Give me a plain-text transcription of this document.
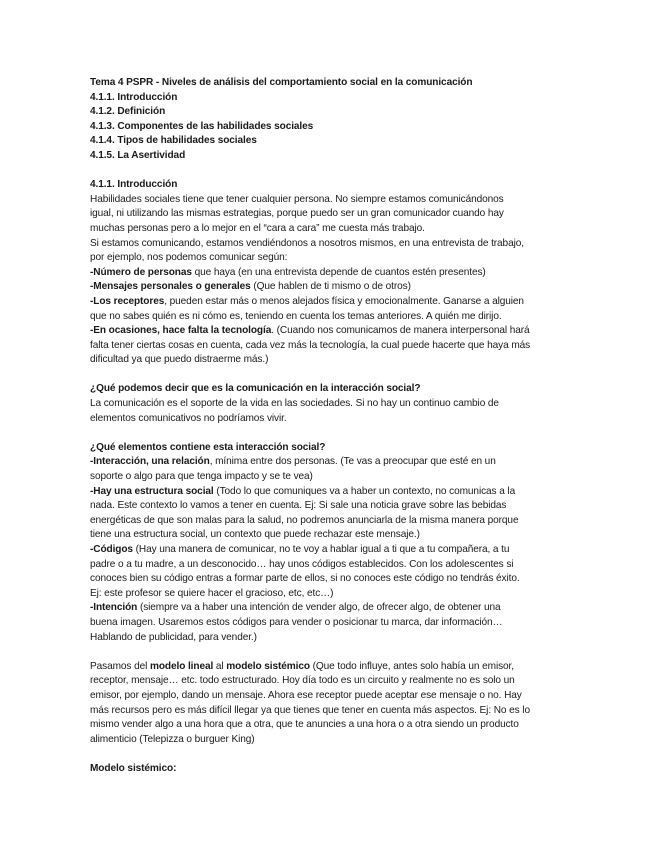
Tema 4 PSPR - Niveles de análisis del comportamiento social en la comunicación
4.1.1. Introducción
4.1.2. Definición
4.1.3. Componentes de las habilidades sociales
4.1.4. Tipos de habilidades sociales
4.1.5. La Asertividad
4.1.1. Introducción
Habilidades sociales tiene que tener cualquier persona. No siempre estamos comunicándonos
igual, ni utilizando las mismas estrategias, porque puedo ser un gran comunicador cuando hay
muchas personas pero a lo mejor en el “cara a cara” me cuesta más trabajo.
Si estamos comunicando, estamos vendiéndonos a nosotros mismos, en una entrevista de trabajo,
por ejemplo, nos podemos comunicar según:
-Número de personas que haya (en una entrevista depende de cuantos estén presentes)
-Mensajes personales o generales (Que hablen de ti mismo o de otros)
-Los receptores, pueden estar más o menos alejados física y emocionalmente. Ganarse a alguien
que no sabes quién es ni cómo es, teniendo en cuenta los temas anteriores. A quién me dirijo.
-En ocasiones, hace falta la tecnología. (Cuando nos comunicamos de manera interpersonal hará
falta tener ciertas cosas en cuenta, cada vez más la tecnología, la cual puede hacerte que haya más
dificultad ya que puedo distraerme más.)
¿Qué podemos decir que es la comunicación en la interacción social?
La comunicación es el soporte de la vida en las sociedades. Si no hay un continuo cambio de
elementos comunicativos no podríamos vivir.
¿Qué elementos contiene esta interacción social?
-Interacción, una relación, mínima entre dos personas. (Te vas a preocupar que esté en un
soporte o algo para que tenga impacto y se te vea)
-Hay una estructura social (Todo lo que comuniques va a haber un contexto, no comunicas a la
nada. Este contexto lo vamos a tener en cuenta. Ej: Si sale una noticia grave sobre las bebidas
energéticas de que son malas para la salud, no podremos anunciarla de la misma manera porque
tiene una estructura social, un contexto que puede rechazar este mensaje.)
-Códigos (Hay una manera de comunicar, no te voy a hablar igual a ti que a tu compañera, a tu
padre o a tu madre, a un desconocido… hay unos códigos establecidos. Con los adolescentes si
conoces bien su código entras a formar parte de ellos, si no conoces este código no tendrás éxito.
Ej: este profesor se quiere hacer el gracioso, etc, etc…)
-Intención (siempre va a haber una intención de vender algo, de ofrecer algo, de obtener una
buena imagen. Usaremos estos códigos para vender o posicionar tu marca, dar información…
Hablando de publicidad, para vender.)
Pasamos del modelo lineal al modelo sistémico (Que todo influye, antes solo había un emisor,
receptor, mensaje… etc. todo estructurado. Hoy día todo es un circuito y realmente no es solo un
emisor, por ejemplo, dando un mensaje. Ahora ese receptor puede aceptar ese mensaje o no. Hay
más recursos pero es más difícil llegar ya que tienes que tener en cuenta más aspectos. Ej: No es lo
mismo vender algo a una hora que a otra, que te anuncies a una hora o a otra siendo un producto
alimenticio (Telepizza o burguer King)
Modelo sistémico:
